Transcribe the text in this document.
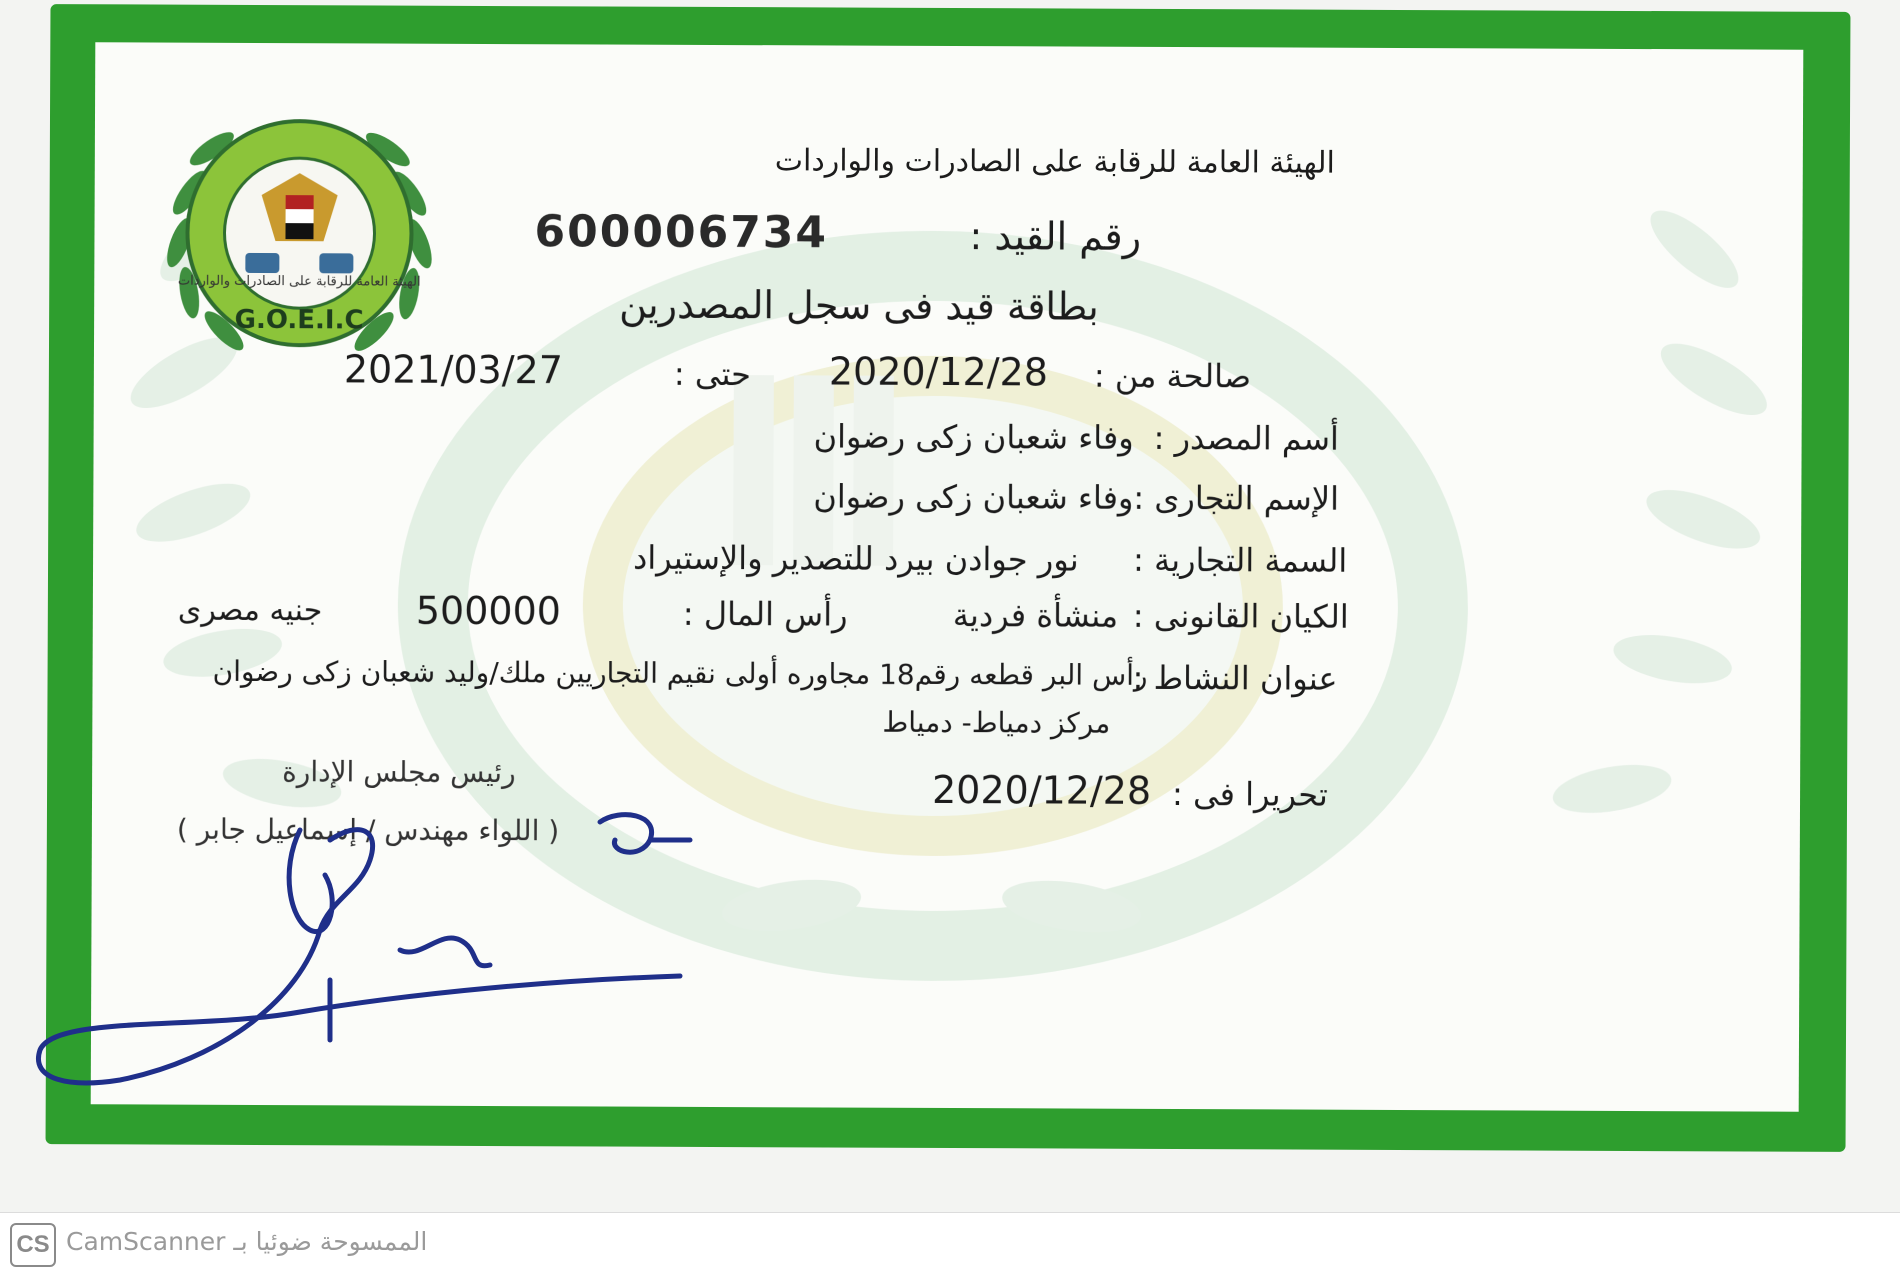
الهيئة العامة للرقابة على الصادرات والواردات
G.O.E.I.C
الهيئة العامة للرقابة على الصادرات والواردات
رقم القيد :
600006734
بطاقة قيد فى سجل المصدرين
صالحة من :
2020/12/28
حتى :
2021/03/27
أسم المصدر :
وفاء شعبان زكى رضوان
الإسم التجارى :
وفاء شعبان زكى رضوان
السمة التجارية :
نور جوادن بيرد للتصدير والإستيراد
الكيان القانونى :
منشأة فردية
رأس المال :
500000
جنيه مصرى
عنوان النشاط :
رأس البر قطعه رقم18 مجاوره أولى نقيم التجاريين ملك/وليد شعبان زكى رضوان
مركز دمياط- دمياط
تحريرا فى :
2020/12/28
رئيس مجلس الإدارة
( اللواء مهندس / إسماعيل جابر )
CS الممسوحة ضوئيا بـ CamScanner
